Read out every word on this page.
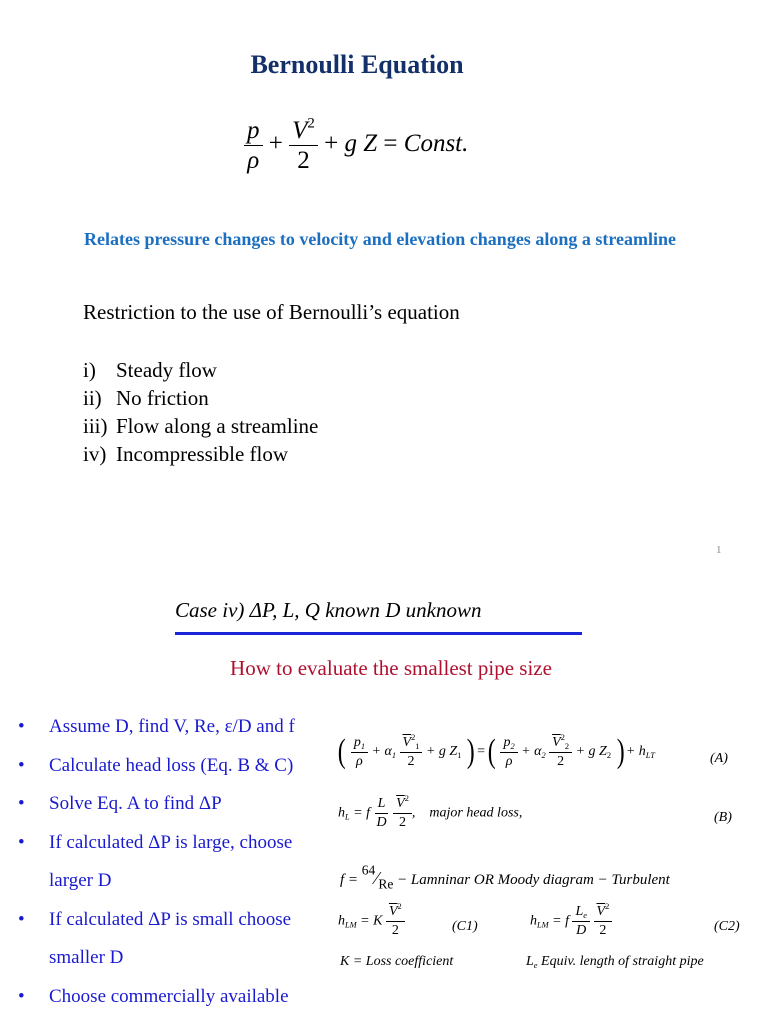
Bernoulli Equation
$\frac{p}{\rho} + \frac{V^2}{2} + g$ Z = Const.
Relates pressure changes to velocity and elevation changes along a streamline
Restriction to the use of Bernoulli’s equation
i) Steady flow
ii) No friction
iii) Flow along a streamline
iv) Incompressible flow
1
Case iv) ΔP, L, Q known D unknown
How to evaluate the smallest pipe size
• Assume D, find V, Re, ε/D and f
• Calculate head loss (Eq. B & C)
• Solve Eq. A to find ΔP
• If calculated ΔP is large, choose
larger D
• If calculated ΔP is small choose
smaller D
• Choose commercially available
( $\frac{p_1}{\rho} + \alpha_1 \frac{\overline{V}^2_1}{2} + g$ $Z_1$ ) =( $\frac{p_2}{\rho} + \alpha_2 \frac{\overline{V}^2_2}{2} + g$ $Z_2$ ) + $h_{LT}$	(A)
$h_L = f \frac{L}{D}$
$\frac{\overline{V}^2}{2}$ ,    major head loss,	(B)
$f = ^{64}⁄_{Re}$ − Lamninar OR Moody diagram − Turbulent
$h_{LM} = K \frac{\overline{V}^2}{2}$	(C1)	$h_{LM} = f \frac{L_e}{D}$
$\frac{\overline{V}^2}{2}$	(C2)
K = Loss coefficient	$L_e$ Equiv. length of straight pipe
